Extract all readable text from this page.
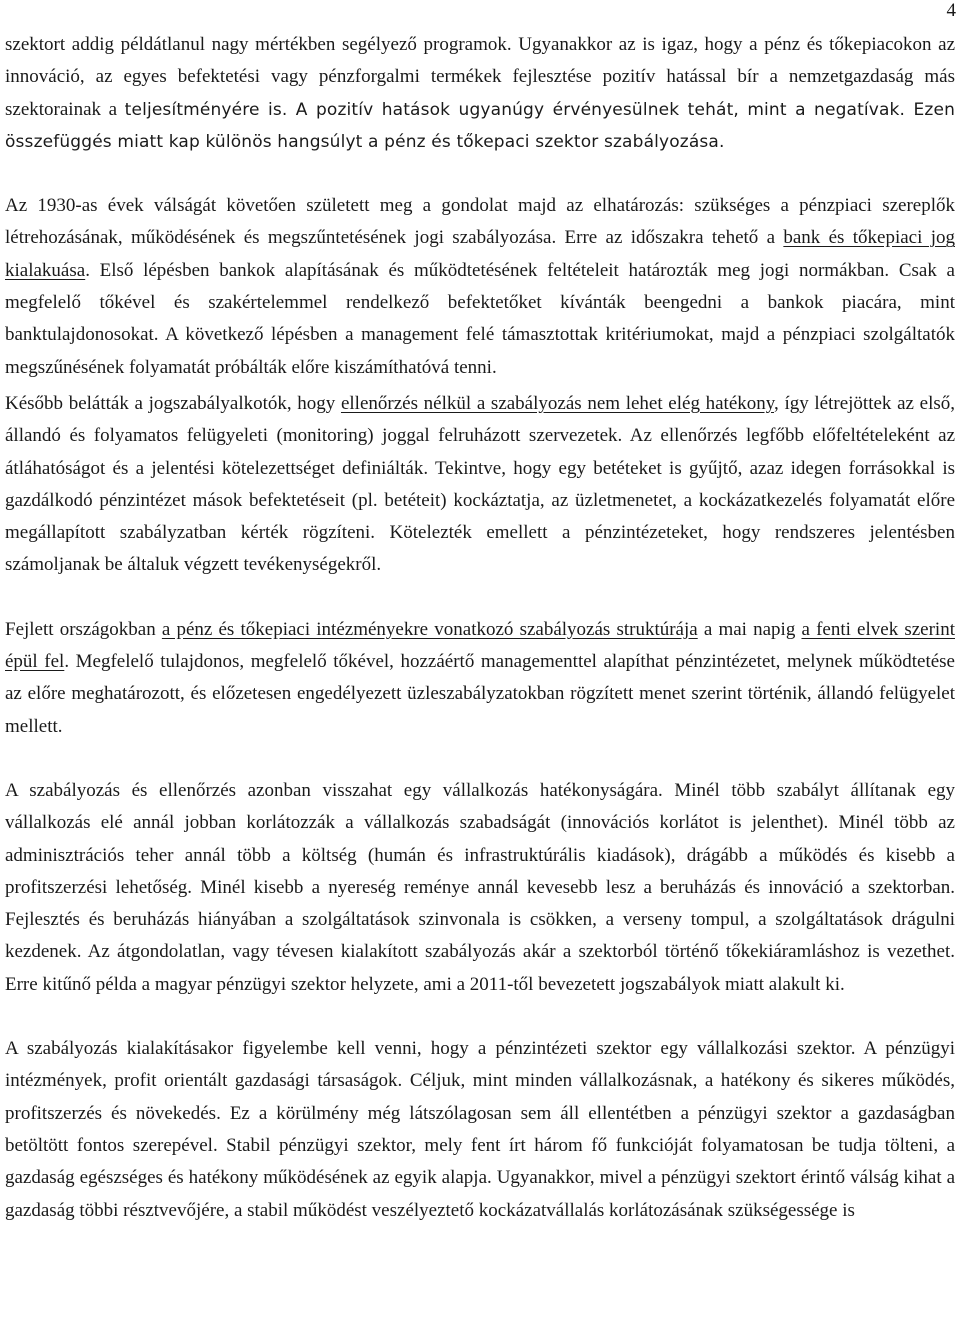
4

szektort addig példátlanul nagy mértékben segélyező programok. Ugyanakkor az is igaz, hogy a pénz és tőkepiacokon az innováció, az egyes befektetési vagy pénzforgalmi termékek fejlesztése pozitív hatással bír a nemzetgazdaság más szektorainak a teljesítményére is. A pozitív hatások ugyanúgy érvényesülnek tehát, mint a negatívak. Ezen összefüggés miatt kap különös hangsúlyt a pénz és tőkepaci szektor szabályozása.

Az 1930-as évek válságát követően született meg a gondolat majd az elhatározás: szükséges a pénzpiaci szereplők létrehozásának, működésének és megszűntetésének jogi szabályozása. Erre az időszakra tehető a bank és tőkepiaci jog kialakuása. Első lépésben bankok alapításának és működtetésének feltételeit határozták meg jogi normákban. Csak a megfelelő tőkével és szakértelemmel rendelkező befektetőket kívánták beengedni a bankok piacára, mint banktulajdonosokat. A következő lépésben a management felé támasztottak kritériumokat, majd a pénzpiaci szolgáltatók megszűnésének folyamatát próbálták előre kiszámíthatóvá tenni.

Később belátták a jogszabályalkotók, hogy ellenőrzés nélkül a szabályozás nem lehet elég hatékony, így létrejöttek az első, állandó és folyamatos felügyeleti (monitoring) joggal felruházott szervezetek. Az ellenőrzés legfőbb előfeltételeként az átláhatóságot és a jelentési kötelezettséget definiálták. Tekintve, hogy egy betéteket is gyűjtő, azaz idegen forrásokkal is gazdálkodó pénzintézet mások befektetéseit (pl. betéteit) kockáztatja, az üzletmenetet, a kockázatkezelés folyamatát előre megállapított szabályzatban kérték rögzíteni. Kötelezték emellett a pénzintézeteket, hogy rendszeres jelentésben számoljanak be általuk végzett tevékenységekről.

Fejlett országokban a pénz és tőkepiaci intézményekre vonatkozó szabályozás struktúrája a mai napig a fenti elvek szerint épül fel. Megfelelő tulajdonos, megfelelő tőkével, hozzáértő managementtel alapíthat pénzintézetet, melynek működtetése az előre meghatározott, és előzetesen engedélyezett üzleszabályzatokban rögzített menet szerint történik, állandó felügyelet mellett.

A szabályozás és ellenőrzés azonban visszahat egy vállalkozás hatékonyságára. Minél több szabályt állítanak egy vállalkozás elé annál jobban korlátozzák a vállalkozás szabadságát (innovációs korlátot is jelenthet). Minél több az adminisztrációs teher annál több a költség (humán és infrastruktúrális kiadások), drágább a működés és kisebb a profitszerzési lehetőség. Minél kisebb a nyereség reménye annál kevesebb lesz a beruházás és innováció a szektorban. Fejlesztés és beruházás hiányában a szolgáltatások szinvonala is csökken, a verseny tompul, a szolgáltatások drágulni kezdenek. Az átgondolatlan, vagy tévesen kialakított szabályozás akár a szektorból történő tőkekiáramláshoz is vezethet. Erre kitűnő példa a magyar pénzügyi szektor helyzete, ami a 2011-től bevezetett jogszabályok miatt alakult ki.

A szabályozás kialakításakor figyelembe kell venni, hogy a pénzintézeti szektor egy vállalkozási szektor. A pénzügyi intézmények, profit orientált gazdasági társaságok. Céljuk, mint minden vállalkozásnak, a hatékony és sikeres működés, profitszerzés és növekedés. Ez a körülmény még látszólagosan sem áll ellentétben a pénzügyi szektor a gazdaságban betöltött fontos szerepével. Stabil pénzügyi szektor, mely fent írt három fő funkcióját folyamatosan be tudja tölteni, a gazdaság egészséges és hatékony működésének az egyik alapja. Ugyanakkor, mivel a pénzügyi szektort érintő válság kihat a gazdaság többi résztvevőjére, a stabil működést veszélyeztető kockázatvállalás korlátozásának szükségessége is
